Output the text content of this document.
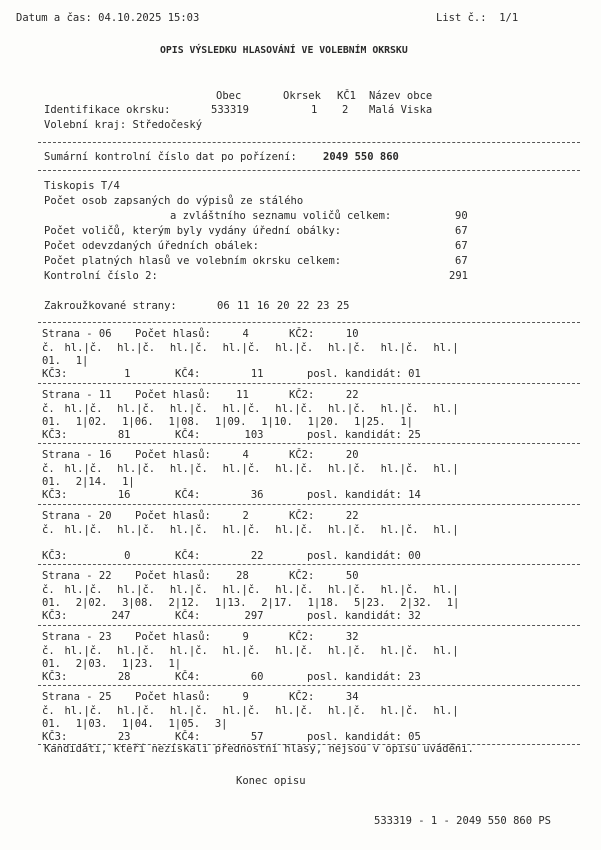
Datum a čas: 04.10.2025 15:03	List č.:  1/1
OPIS VÝSLEDKU HLASOVÁNÍ VE VOLEBNÍM OKRSKU
Obec	Okrsek KČ1 Název obce
Identifikace okrsku:	533319	1 2 Malá Viska
Volební kraj: Středočeský
Sumární kontrolní číslo dat po pořízení: 2049 550 860
Tiskopis T/4
Počet osob zapsaných do výpisů ze stálého
a zvláštního seznamu voličů celkem:	90
Počet voličů, kterým byly vydány úřední obálky:	67
Počet odevzdaných úředních obálek:	67
Počet platných hlasů ve volebním okrsku celkem:	67
Kontrolní číslo 2:	291
Zakroužkované strany:	06 11 16 20 22 23 25
Strana - 06 Počet hlasů:     4	KČ2:     10
č.  hl.|č.   hl.|č.   hl.|č.   hl.|č.   hl.|č.   hl.|č.   hl.|č.   hl.|
01.   1|
KČ3:         1	KČ4:        11	posl. kandidát: 01
Strana - 11 Počet hlasů:    11	KČ2:     22
č.  hl.|č.   hl.|č.   hl.|č.   hl.|č.   hl.|č.   hl.|č.   hl.|č.   hl.|
01.   1|02.   1|06.   1|08.   1|09.   1|10.   1|20.   1|25.   1|
KČ3:        81	KČ4:       103	posl. kandidát: 25
Strana - 16 Počet hlasů:     4	KČ2:     20
č.  hl.|č.   hl.|č.   hl.|č.   hl.|č.   hl.|č.   hl.|č.   hl.|č.   hl.|
01.   2|14.   1|
KČ3:        16	KČ4:        36	posl. kandidát: 14
Strana - 20 Počet hlasů:     2	KČ2:     22
č.  hl.|č.   hl.|č.   hl.|č.   hl.|č.   hl.|č.   hl.|č.   hl.|č.   hl.|
KČ3:         0	KČ4:        22	posl. kandidát: 00
Strana - 22 Počet hlasů:    28	KČ2:     50
č.  hl.|č.   hl.|č.   hl.|č.   hl.|č.   hl.|č.   hl.|č.   hl.|č.   hl.|
01.   2|02.   3|08.   2|12.   1|13.   2|17.   1|18.   5|23.   2|32.   1|
KČ3:       247	KČ4:       297	posl. kandidát: 32
Strana - 23 Počet hlasů:     9	KČ2:     32
č.  hl.|č.   hl.|č.   hl.|č.   hl.|č.   hl.|č.   hl.|č.   hl.|č.   hl.|
01.   2|03.   1|23.   1|
KČ3:        28	KČ4:        60	posl. kandidát: 23
Strana - 25 Počet hlasů:     9	KČ2:     34
č.  hl.|č.   hl.|č.   hl.|č.   hl.|č.   hl.|č.   hl.|č.   hl.|č.   hl.|
01.   1|03.   1|04.   1|05.   3|
KČ3:        23	KČ4:        57	posl. kandidát: 05
Kandidáti, kteří nezískali přednostní hlasy, nejsou v opisu uváděni.
Konec opisu
533319 - 1 - 2049 550 860 PS
